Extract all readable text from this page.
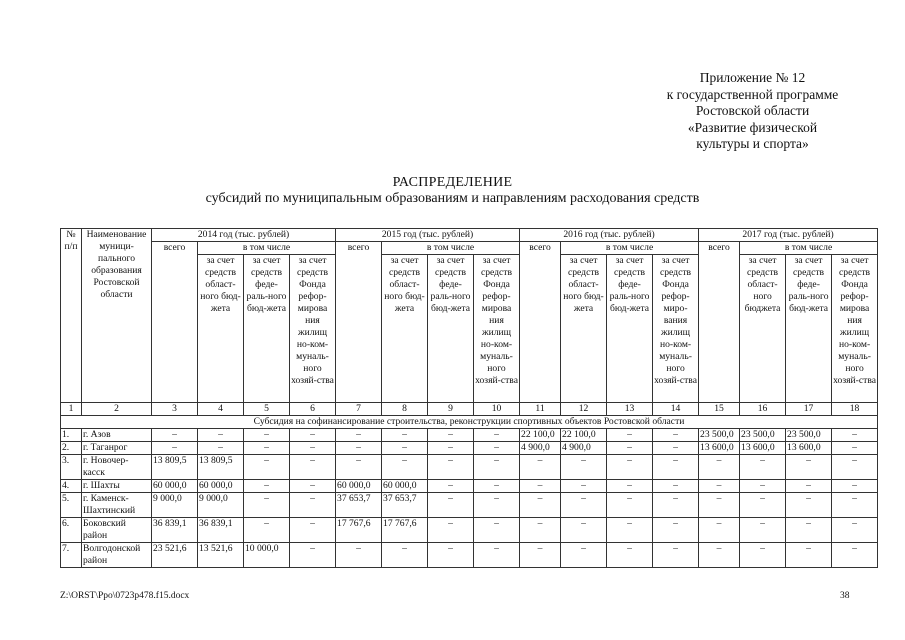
Приложение № 12
к государственной программе
Ростовской области
«Развитие физической
культуры и спорта»
РАСПРЕДЕЛЕНИЕ
субсидий по муниципальным образованиям и направлениям расходования средств
№ п/п	Наименование муници-пального образования Ростовской области	2014 год (тыс. рублей)				2015 год (тыс. рублей)				2016 год (тыс. рублей)				2017 год (тыс. рублей)			
		всего	в том числе			всего	в том числе			всего	в том числе			всего	в том числе		
			за счет средств област-ного бюд-жета	за счет средств феде-раль-ного бюд-жета	за счет средств Фонда рефор-мирова ния жилищ но-ком-муналь-ного хозяй-ства		за счет средств област-ного бюд-жета	за счет средств феде-раль-ного бюд-жета	за счет средств Фонда рефор-мирова ния жилищ но-ком-муналь-ного хозяй-ства		за счет средств област-ного бюд-жета	за счет средств феде-раль-ного бюд-жета	за счет средств Фонда рефор-миро-вания жилищ но-ком-муналь-ного хозяй-ства		за счет средств област-ного бюджета	за счет средств феде-раль-ного бюд-жета	за счет средств Фонда рефор-мирова ния жилищ но-ком-муналь-ного хозяй-ства
1	2	3	4	5	6	7	8	9	10	11	12	13	14	15	16	17	18
Субсидия на софинансирование строительства, реконструкции спортивных объектов Ростовской области																	
1.	г. Азов	–	–	–	–	–	–	–	–	22 100,0	22 100,0	–	–	23 500,0	23 500,0	23 500,0	–
2.	г. Таганрог	–	–	–	–	–	–	–	–	4 900,0	4 900,0	–	–	13 600,0	13 600,0	13 600,0	–
3.	г. Новочер-касск	13 809,5	13 809,5	–	–	–	–	–	–	–	–	–	–	–	–	–	–
4.	г. Шахты	60 000,0	60 000,0	–	–	60 000,0	60 000,0	–	–	–	–	–	–	–	–	–	–
5.	г. Каменск-Шахтинский	9 000,0	9 000,0	–	–	37 653,7	37 653,7	–	–	–	–	–	–	–	–	–	–
6.	Боковский район	36 839,1	36 839,1	–	–	17 767,6	17 767,6	–	–	–	–	–	–	–	–	–	–
7.	Волгодонской район	23 521,6	13 521,6	10 000,0	–	–	–	–	–	–	–	–	–	–	–	–	–
Z:\ORST\Ppo\0723p478.f15.docx	38
